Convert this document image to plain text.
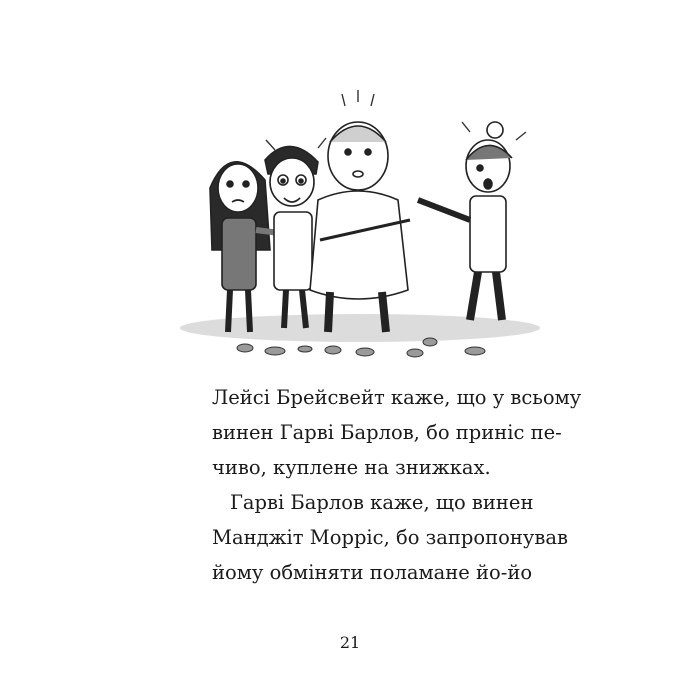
Лейсі Брейсвейт каже, що у всьому
винен Гарві Барлов, бо приніс пе-
чиво, куплене на знижках.
Гарві Барлов каже, що винен
Манджіт Морріс, бо запропонував
йому обміняти поламане йо-йо
21
